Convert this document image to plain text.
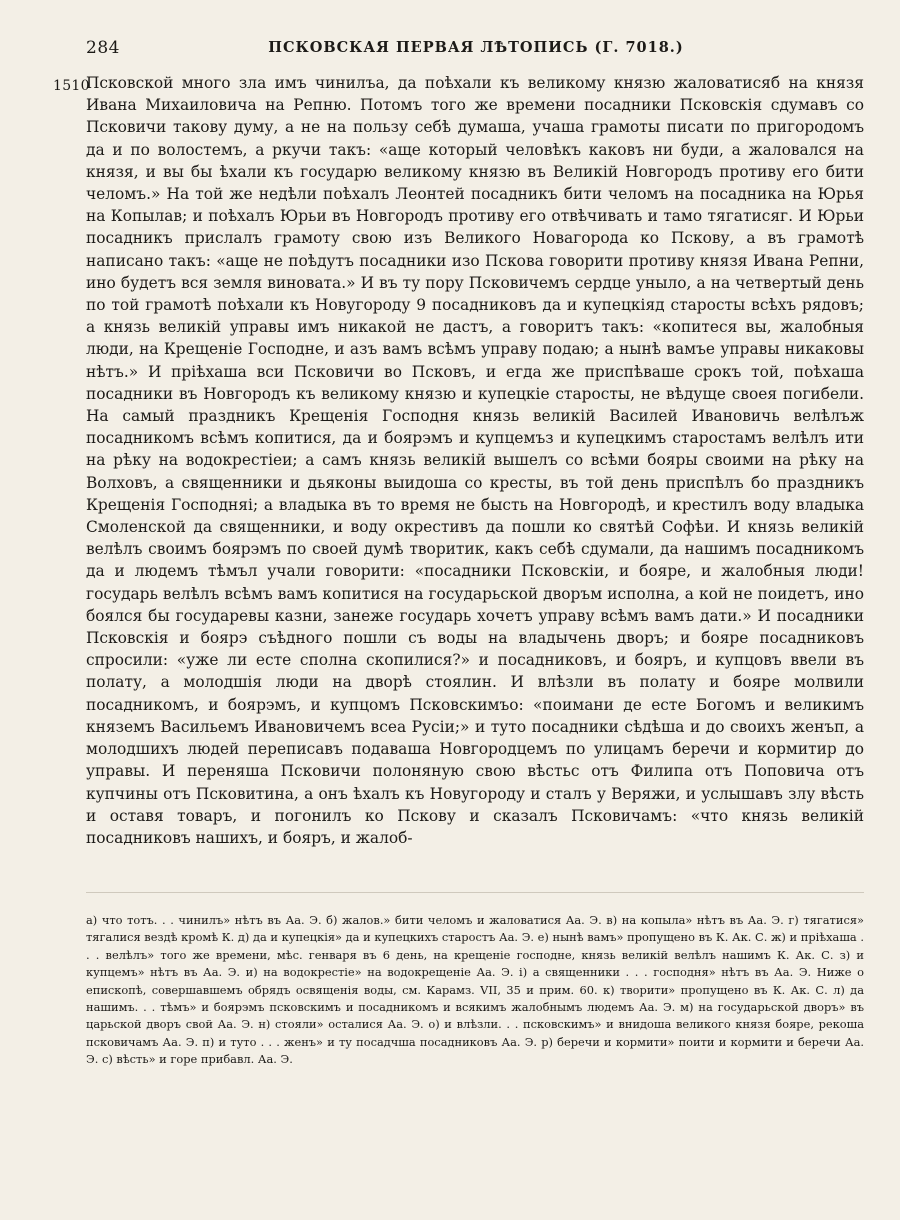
284	ПСКОВСКАЯ ПЕРВАЯ ЛѢТОПИСЬ (Г. 7018.)
1510

Псковской много зла имъ чинилъа, да поѣхали къ великому князю жаловатисяб на князя Ивана Михаиловича на Репню. Потомъ того же времени посадники Псковскія сдумавъ со Псковичи такову думу, а не на пользу себѣ думаша, учаша грамоты писати по пригородомъ да и по волостемъ, а ркучи такъ: «аще который человѣкъ каковъ ни буди, а жаловался на князя, и вы бы ѣхали къ государю великому князю въ Великій Новгородъ противу его бити челомъ.» На той же недѣли поѣхалъ Леонтей посадникъ бити челомъ на посадника на Юрья на Копылав; и поѣхалъ Юрьи въ Новгородъ противу его отвѣчивать и тамо тягатисяг. И Юрьи посадникъ прислалъ грамоту свою изъ Великого Новагорода ко Пскову, а въ грамотѣ написано такъ: «аще не поѣдутъ посадники изо Пскова говорити противу князя Ивана Репни, ино будетъ вся земля виновата.» И въ ту пору Псковичемъ сердце уныло, а на четвертый день по той грамотѣ поѣхали къ Новугороду 9 посадниковъ да и купецкіяд старосты всѣхъ рядовъ; а князь великій управы имъ никакой не дастъ, а говоритъ такъ: «копитеся вы, жалобныя люди, на Крещеніе Господне, и азъ вамъ всѣмъ управу подаю; а нынѣ вамъе управы никаковы нѣтъ.» И пріѣхаша вси Псковичи во Псковъ, и егда же приспѣваше срокъ той, поѣхаша посадники въ Новгородъ къ великому князю и купецкіе старосты, не вѣдуще своея погибели. На самый праздникъ Крещенія Господня князь великій Василей Ивановичь велѣлъж посадникомъ всѣмъ копитися, да и боярэмъ и купцемъз и купецкимъ старостамъ велѣлъ ити на рѣку на водокрестіеи; а самъ князь великій вышелъ со всѣми бояры своими на рѣку на Волховъ, а священники и дьяконы выидоша со кресты, въ той день приспѣлъ бо праздникъ Крещенія Господняі; а владыка въ то время не бысть на Новгородѣ, и крестилъ воду владыка Смоленской да священники, и воду окрестивъ да пошли ко святѣй Софѣи. И князь великій велѣлъ своимъ боярэмъ по своей думѣ творитик, какъ себѣ сдумали, да нашимъ посадникомъ да и людемъ тѣмъл учали говорити: «посадники Псковскіи, и бояре, и жалобныя люди! государь велѣлъ всѣмъ вамъ копитися на государьской дворъм исполна, а кой не поидетъ, ино боялся бы государевы казни, занеже государь хочетъ управу всѣмъ вамъ дати.» И посадники Псковскія и боярэ съѣдного пошли съ воды на владычень дворъ; и бояре посадниковъ спросили: «уже ли есте сполна скопилися?» и посадниковъ, и бояръ, и купцовъ ввели въ полату, а молодшія люди на дворѣ стоялин. И влѣзли въ полату и бояре молвили посадникомъ, и боярэмъ, и купцомъ Псковскимъо: «поимани де есте Богомъ и великимъ княземъ Васильемъ Ивановичемъ всеа Русіи;» и туто посадники сѣдѣша и до своихъ женъп, а молодшихъ людей переписавъ подаваша Новгородцемъ по улицамъ беречи и кормитир до управы. И переняша Псковичи полоняную свою вѣстьс отъ Филипа отъ Поповича отъ купчины отъ Псковитина, а онъ ѣхалъ къ Новугороду и сталъ у Веряжи, и услышавъ злу вѣсть и оставя товаръ, и погонилъ ко Пскову и сказалъ Псковичамъ: «что князь великій посадниковъ нашихъ, и бояръ, и жалоб-

а) что тотъ. . . чинилъ» нѣтъ въ Аа. Э. б) жалов.» бити челомъ и жаловатися Аа. Э. в) на копыла» нѣтъ въ Аа. Э. г) тягатися» тягалися вездѣ кромѣ К. д) да и купецкія» да и купецкихъ старостъ Аа. Э. е) нынѣ вамъ» пропущено въ К. Ак. С. ж) и пріѣхаша . . . велѣлъ» того же времени, мѣс. генваря въ 6 день, на крещеніе господне, князь великій велѣлъ нашимъ К. Ак. С. з) и купцемъ» нѣтъ въ Аа. Э. и) на водокрестіе» на водокрещеніе Аа. Э. і) а священники . . . господня» нѣтъ въ Аа. Э. Ниже о епископѣ, совершавшемъ обрядъ освященія воды, см. Карамз. VII, 35 и прим. 60. к) творити» пропущено въ К. Ак. С. л) да нашимъ. . . тѣмъ» и боярэмъ псковскимъ и посадникомъ и всякимъ жалобнымъ людемъ Аа. Э. м) на государьской дворъ» въ царьской дворъ свой Аа. Э. н) стояли» осталися Аа. Э. о) и влѣзли. . . псковскимъ» и внидоша великого князя бояре, рекоша псковичамъ Аа. Э. п) и туто . . . женъ» и ту посадчша посадниковъ Аа. Э. р) беречи и кормити» поити и кормити и беречи Аа. Э. с) вѣсть» и горе прибавл. Аа. Э.
